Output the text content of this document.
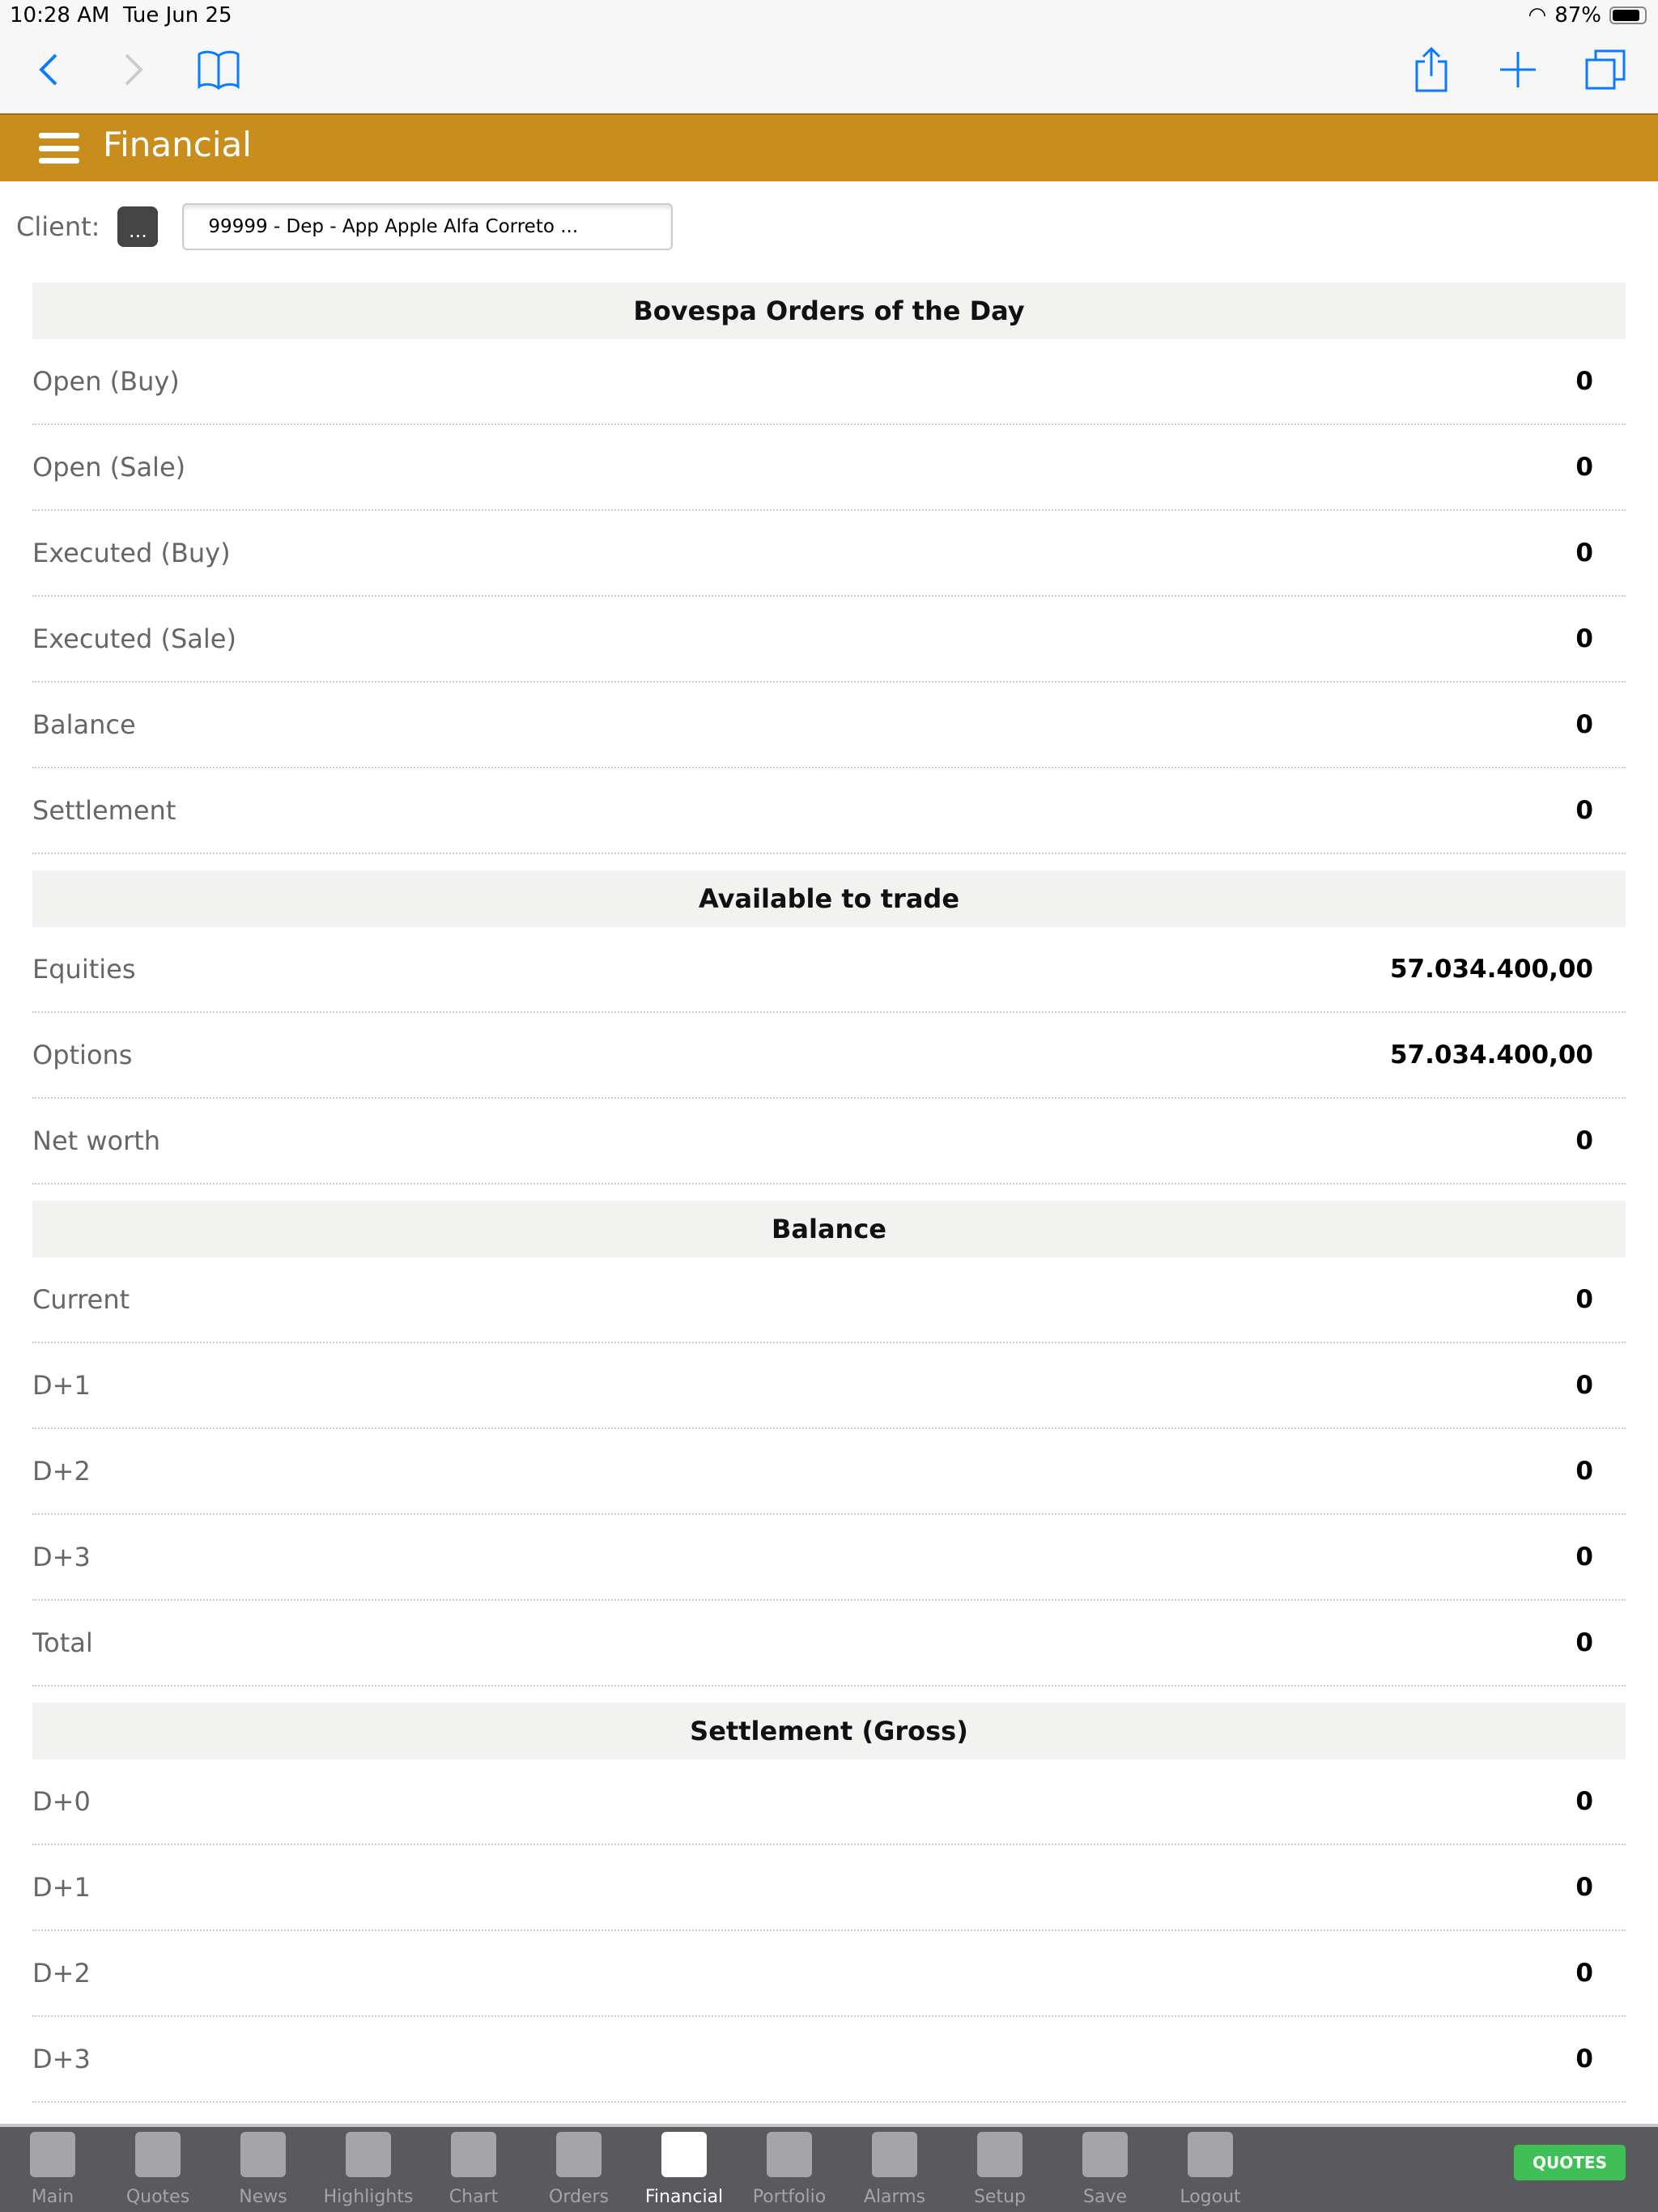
10:28 AM Tue Jun 25	◠ 87%
Financial
Client:	...	99999 - Dep - App Apple Alfa Correto ...
Bovespa Orders of the Day
Open (Buy)	0
Open (Sale)	0
Executed (Buy)	0
Executed (Sale)	0
Balance	0
Settlement	0
Available to trade
Equities	57.034.400,00
Options	57.034.400,00
Net worth	0
Balance
Current	0
D+1	0
D+2	0
D+3	0
Total	0
Settlement (Gross)
D+0	0
D+1	0
D+2	0
D+3	0
Main	Quotes	News Highlights Chart	Orders Financial Portfolio Alarms	Setup	Save	Logout
QUOTES
